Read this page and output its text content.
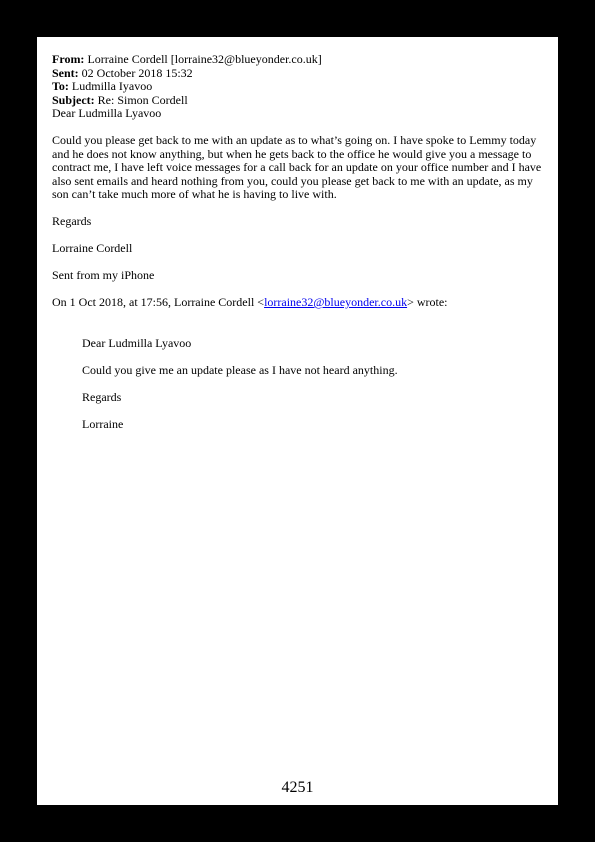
From: Lorraine Cordell [lorraine32@blueyonder.co.uk]
Sent: 02 October 2018 15:32
To: Ludmilla Iyavoo
Subject: Re: Simon Cordell
Dear Ludmilla Lyavoo
Could you please get back to me with an update as to what’s going on. I have spoke to Lemmy today and he does not know anything, but when he gets back to the office he would give you a message to contract me, I have left voice messages for a call back for an update on your office number and I have also sent emails and heard nothing from you, could you please get back to me with an update, as my son can’t take much more of what he is having to live with.
Regards
Lorraine Cordell
Sent from my iPhone
On 1 Oct 2018, at 17:56, Lorraine Cordell <lorraine32@blueyonder.co.uk> wrote:
Dear Ludmilla Lyavoo
Could you give me an update please as I have not heard anything.
Regards
Lorraine
4251
